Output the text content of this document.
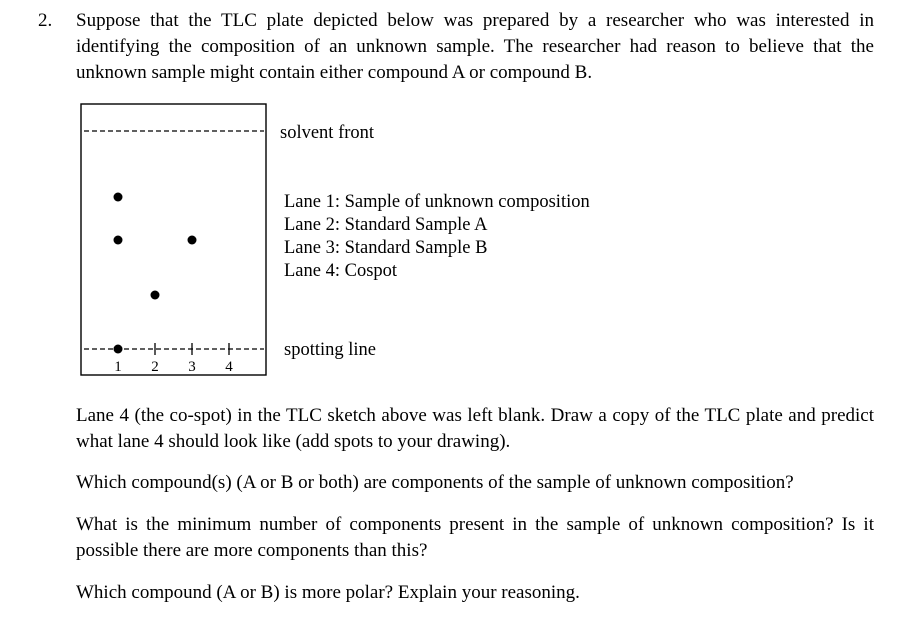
2. Suppose that the TLC plate depicted below was prepared by a researcher who was interested in identifying the composition of an unknown sample. The researcher had reason to believe that the unknown sample might contain either compound A or compound B.
1 2 3 4
solvent front
Lane 1: Sample of unknown composition
Lane 2: Standard Sample A
Lane 3: Standard Sample B
Lane 4: Cospot
spotting line
Lane 4 (the co-spot) in the TLC sketch above was left blank. Draw a copy of the TLC plate and predict what lane 4 should look like (add spots to your drawing).
Which compound(s) (A or B or both) are components of the sample of unknown composition?
What is the minimum number of components present in the sample of unknown composition? Is it possible there are more components than this?
Which compound (A or B) is more polar? Explain your reasoning.
